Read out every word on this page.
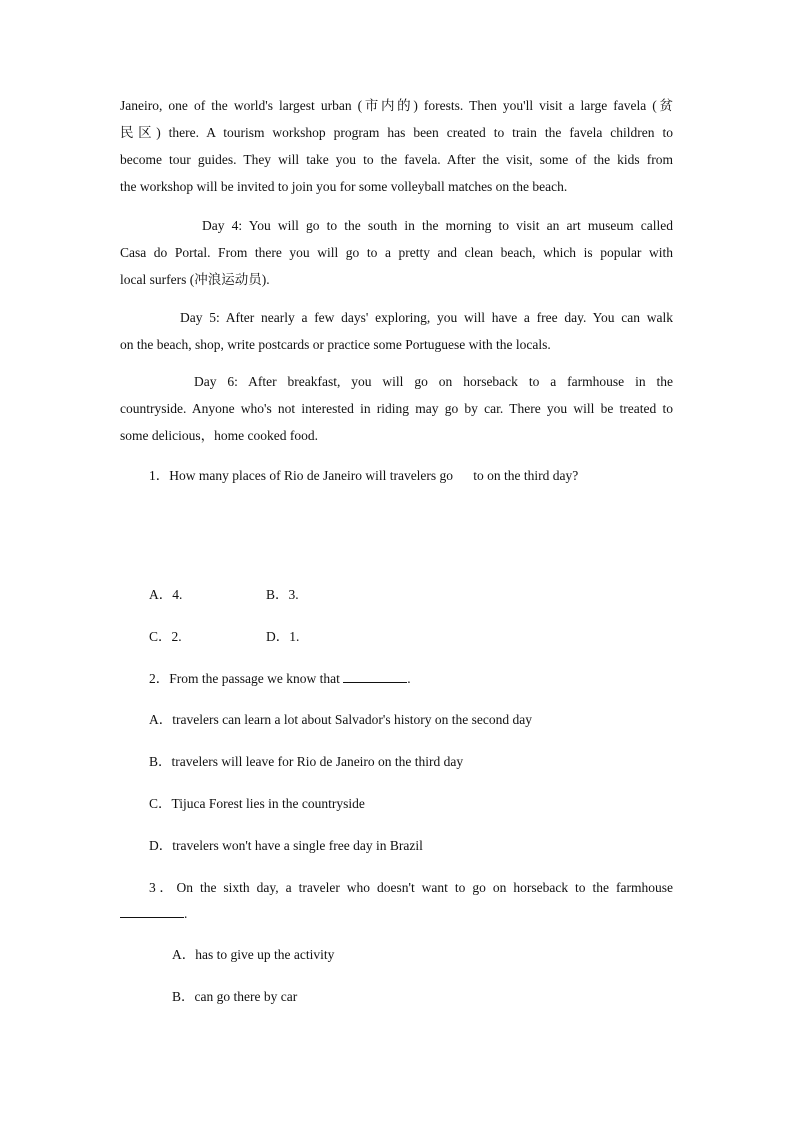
Janeiro, one of the world's largest urban (市内的) forests. Then you'll visit a large favela (贫
民区) there. A tourism workshop program has been created to train the favela children to
become tour guides. They will take you to the favela. After the visit, some of the kids from
the workshop will be invited to join you for some volleyball matches on the beach.
Day 4: You will go to the south in the morning to visit an art museum called
Casa do Portal. From there you will go to a pretty and clean beach, which is popular with
local surfers (冲浪运动员).
Day 5: After nearly a few days' exploring, you will have a free day. You can walk
on the beach, shop, write postcards or practice some Portuguese with the locals.
Day 6: After breakfast, you will go on horseback to a farmhouse in the
countryside. Anyone who's not interested in riding may go by car. There you will be treated to
some delicious，home cooked food.
1．How many places of Rio de Janeiro will travelers go      to on the third day?
A．4.	B．3.
C．2.	D．1.
2．From the passage we know that	.
A．travelers can learn a lot about Salvador's history on the second day
B．travelers will leave for Rio de Janeiro on the third day
C．Tijuca Forest lies in the countryside
D．travelers won't have a single free day in Brazil
3．On the sixth day, a traveler who doesn't want to go on horseback to the farmhouse
.
A．has to give up the activity
B．can go there by car
